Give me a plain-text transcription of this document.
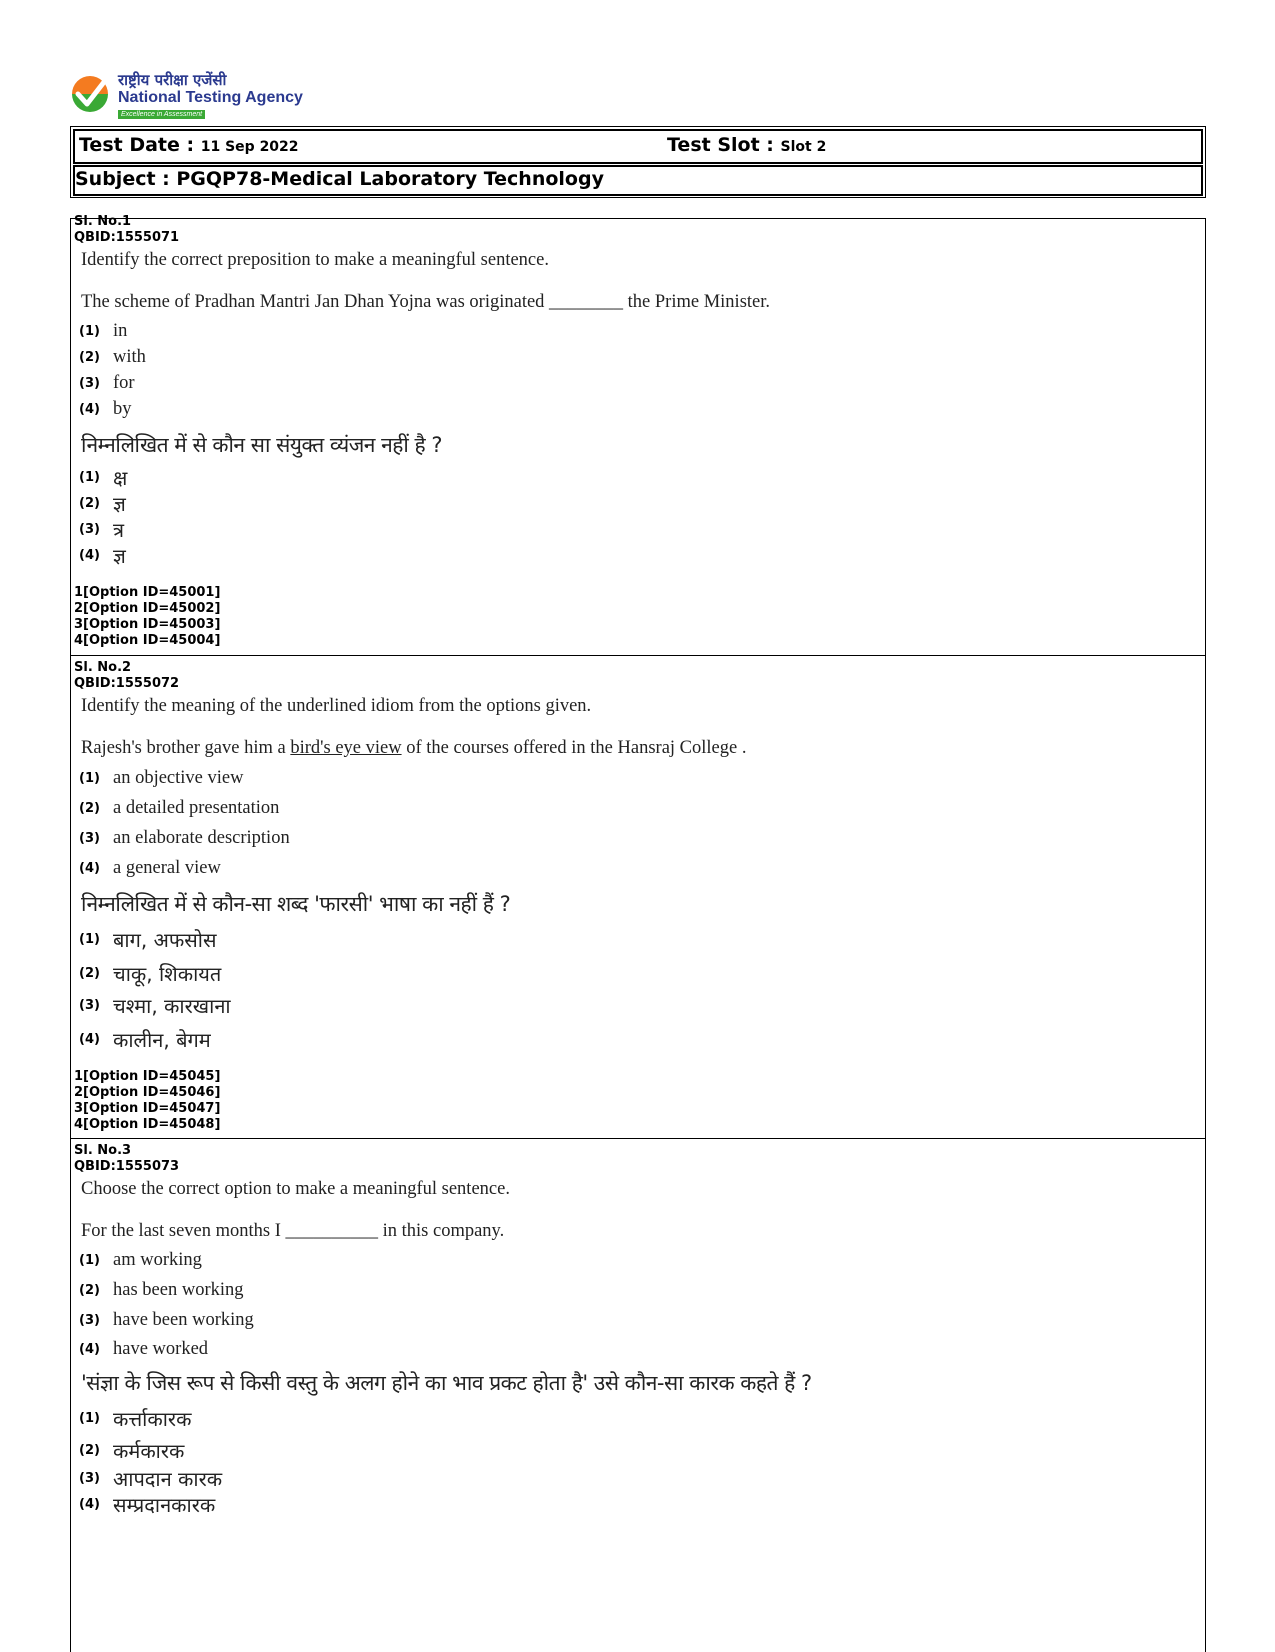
राष्ट्रीय परीक्षा एजेंसी
National Testing Agency
Excellence in Assessment
Test Date : 11 Sep 2022	Test Slot : Slot 2
Subject : PGQP78-Medical Laboratory Technology
Sl. No.1
QBID:1555071
Identify the correct preposition to make a meaningful sentence.
The scheme of Pradhan Mantri Jan Dhan Yojna was originated ________ the Prime Minister.
(1) in
(2) with
(3) for
(4) by
निम्नलिखित में से कौन सा संयुक्त व्यंजन नहीं है ?
(1) क्ष
(2) ज्ञ
(3) त्र
(4) ज्ञ
1[Option ID=45001]
2[Option ID=45002]
3[Option ID=45003]
4[Option ID=45004]
Sl. No.2
QBID:1555072
Identify the meaning of the underlined idiom from the options given.
Rajesh's brother gave him a bird's eye view of the courses offered in the Hansraj College .
(1) an objective view
(2) a detailed presentation
(3) an elaborate description
(4) a general view
निम्नलिखित में से कौन-सा शब्द 'फारसी' भाषा का नहीं हैं ?
(1) बाग, अफसोस
(2) चाकू, शिकायत
(3) चश्मा, कारखाना
(4) कालीन, बेगम
1[Option ID=45045]
2[Option ID=45046]
3[Option ID=45047]
4[Option ID=45048]
Sl. No.3
QBID:1555073
Choose the correct option to make a meaningful sentence.
For the last seven months I __________ in this company.
(1) am working
(2) has been working
(3) have been working
(4) have worked
'संज्ञा के जिस रूप से किसी वस्तु के अलग होने का भाव प्रकट होता है' उसे कौन-सा कारक कहते हैं ?
(1) कर्त्ताकारक
(2) कर्मकारक
(3) आपदान कारक
(4) सम्प्रदानकारक
